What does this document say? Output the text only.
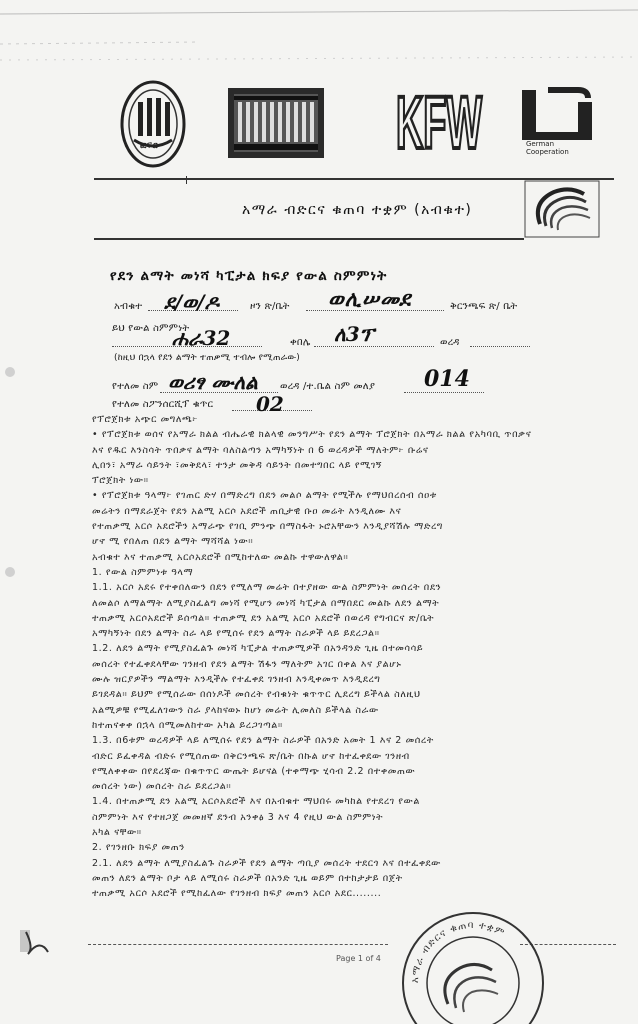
ፎፍር	KFW	German Cooperation
አማራ ብድርና ቁጠባ ተቋም (አብቁተ)
የደን ልማት መነሻ ካፒታል ክፍያ የውል ስምምነት
አብቁተ ደ/ወ/ዶ	ዞን ጽ/ቤት ወሊሠመደ	ቅርንጫፍ ጽ/ ቤት
ይህ የውል ስምምነት
ሐራ32	ቀበሌ ለ3ፕ	ወረዳ
(ከዚህ በኋላ የደን ልማት ተጠቃሚ ተብሎ የሚጠራው)
የተለመ ስም ወሪፃ ሙለል ወረዳ /ተ.ቤል ስም መለያ 014
የተለመ ስፖንሰርሺፕ ቁጥር 02
የፕሮጀክቱ አጭር መግለጫ፦
• የፕሮጀክቱ ወሰና የአማራ ክልል ብሔራዊ ክልላዊ መንግሥት የደን ልማት ፕሮጀክት በአማራ ክልል የአካባቢ ጥበቃና
እና የዱር እንስሳት ጥበቃና ልማት ባለስልጣን አማካኝነት በ 6 ወረዳዎች ማለትም፦ ቡሬና
ሊበን፣ አማራ ሳይንት ፣መቅደላ፣ ተንታ መቅዳ ሳይንት በመተግበር ላይ የሚገኝ
ፕሮጀክት ነው።
• የፕሮጀክቱ ዓላማ፦ የገጠር ድሃ በማድረግ በደን መልሶ ልማት የሚችሉ የማህበረሰብ ሰዐቱ
መሬትን በማደራጀት የደን አልሚ አርሶ አደሮች ጠቢታዊ ቡዐ መሬት እንዲለሙ እና
የተጠቃሚ አርሶ አደሮችን አማራጭ የገቢ ምንጭ በማስፋት ኑሮአቸውን እንዲያሻሽሉ ማድረግ
ሆኖ ሚ የበለጠ በደን ልማት ማሻሻል ነው።
አብቁተ እና ተጠቃሚ አርሶአደሮች በሚከተለው መልኩ ተዋውለዋል።
1. የውል ስምምነቱ ዓላማ
1.1. አርሶ አደሩ የተቀበለውን በደን የሚለማ መሬት በተያዘው ውል ስምምነት መሰረት በደን
ለመልሶ ለማልማት ለሚያስፈልግ መነሻ የሚሆን መነሻ ካፒታል በማበደር መልኩ ለደን ልማት
ተጠቃሚ አርሶአደሮች ይሰጣል። ተጠቃሚ ደን አልሚ አርሶ አደሮች በወረዳ የግብርና ጽ/ቤት
አማካኝነት በደን ልማት ስራ ላይ የሚሰሩ የደን ልማት ስራዎች ላይ ይደረጋል።
1.2. ለደን ልማት የሚያስፈልጉ መነሻ ካፒታል ተጠቃሚዎች በአንዳንድ ጊዜ በተመሳሳይ
መሰረት የተፈቀደላቸው ገንዘብ የደን ልማት ሽፋን ማለትም አገር በቀል እና ያልሆኑ
ሙሉ ዝርያዎችን ማልማት እንዲችሉ የተፈቀደ ገንዘብ እንዲቀመጥ እንዲደረግ
ይገደዳል። ይህም የሚሰራው በሰነዶች መሰረት የብቁነት ቁጥጥር ሊደረግ ይችላል ስለዚህ
አልሚዎቹ የሚፈለገውን ስራ ያላከናወኑ ከሆነ መሬት ሊመለስ ይችላል ስራው
ከተጠናቀቀ በኋላ በሚመለከተው አካል ይረጋገጣል።
1.3. በ6ቱም ወረዳዎች ላይ ለሚሰሩ የደን ልማት ስራዎች በአንድ አመት 1 እና 2 መሰረት
ብድር ይፈቀዳል ብድሩ የሚሰጠው በቅርንጫፍ ጽ/ቤት በኩል ሆኖ ከተፈቀደው ገንዘብ
የሚለቀቀው በየደረጃው በቁጥጥር ውጤት ይሆናል (ተቀማጭ ሂሳብ 2.2 በተቀመጠው
መሰረት ነው) መሰረት ስራ ይደረጋል።
1.4. በተጠቃሚ ደን አልሚ አርሶአደሮች እና በአብቁተ ማህበሩ መካከል የተደረገ የውል
ስምምነት እና የተዘጋጀ መመዘኛ ደንብ አንቀፅ 3 እና 4 የዚህ ውል ስምምነት
አካል ናቸው።
2. የገንዘቡ ክፍያ መጠን
2.1. ለደን ልማት ለሚያስፈልጉ ስራዎች የደን ልማት ጣቢያ መሰረት ተደርጎ እና በተፈቀደው
መጠን ለደን ልማት ቦታ ላይ ለሚሰሩ ስራዎች በአንድ ጊዜ ወይም በተከታታይ በጀት
ተጠቃሚ አርሶ አደሮች የሚከፈለው የገንዘብ ክፍያ መጠን አርሶ አደር........
Page 1 of 4
አማራ ብድርና ቁጠባ ተቋም
